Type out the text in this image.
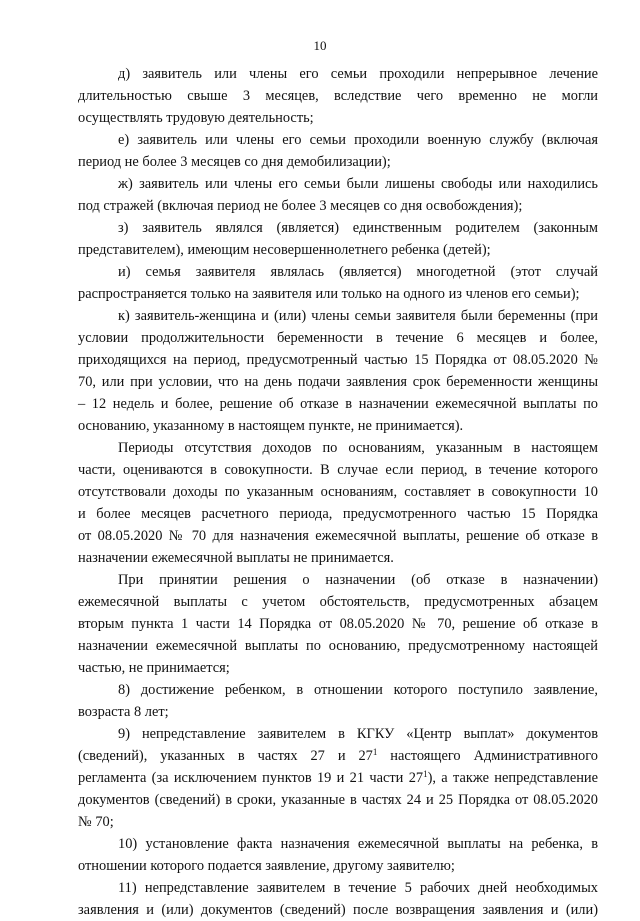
10

д) заявитель или члены его семьи проходили непрерывное лечение
длительностью свыше 3 месяцев, вследствие чего временно не могли
осуществлять трудовую деятельность;

е) заявитель или члены его семьи проходили военную службу (включая
период не более 3 месяцев со дня демобилизации);

ж) заявитель или члены его семьи были лишены свободы или находились
под стражей (включая период не более 3 месяцев со дня освобождения);

з) заявитель являлся (является) единственным родителем (законным
представителем), имеющим несовершеннолетнего ребенка (детей);

и) семья заявителя являлась (является) многодетной (этот случай
распространяется только на заявителя или только на одного из членов его семьи);

к) заявитель-женщина и (или) члены семьи заявителя были беременны (при
условии продолжительности беременности в течение 6 месяцев и более,
приходящихся на период, предусмотренный частью 15 Порядка от 08.05.2020 №
70, или при условии, что на день подачи заявления срок беременности женщины
– 12 недель и более, решение об отказе в назначении ежемесячной выплаты по
основанию, указанному в настоящем пункте, не принимается).

Периоды отсутствия доходов по основаниям, указанным в настоящем
части, оцениваются в совокупности. В случае если период, в течение которого
отсутствовали доходы по указанным основаниям, составляет в совокупности 10
и более месяцев расчетного периода, предусмотренного частью 15 Порядка
от 08.05.2020 № 70 для назначения ежемесячной выплаты, решение об отказе в
назначении ежемесячной выплаты не принимается.

При принятии решения о назначении (об отказе в назначении)
ежемесячной выплаты с учетом обстоятельств, предусмотренных абзацем
вторым пункта 1 части 14 Порядка от 08.05.2020 № 70, решение об отказе в
назначении ежемесячной выплаты по основанию, предусмотренному настоящей
частью, не принимается;

8) достижение ребенком, в отношении которого поступило заявление,
возраста 8 лет;

9) непредставление заявителем в КГКУ «Центр выплат» документов
(сведений), указанных в частях 27 и $27^1$ настоящего Административного
регламента (за исключением пунктов 19 и 21 части $27^1$), а также непредставление
документов (сведений) в сроки, указанные в частях 24 и 25 Порядка от 08.05.2020
№ 70;

10) установление факта назначения ежемесячной выплаты на ребенка, в
отношении которого подается заявление, другому заявителю;

11) непредставление заявителем в течение 5 рабочих дней необходимых
заявления и (или) документов (сведений) после возвращения заявления и (или)
